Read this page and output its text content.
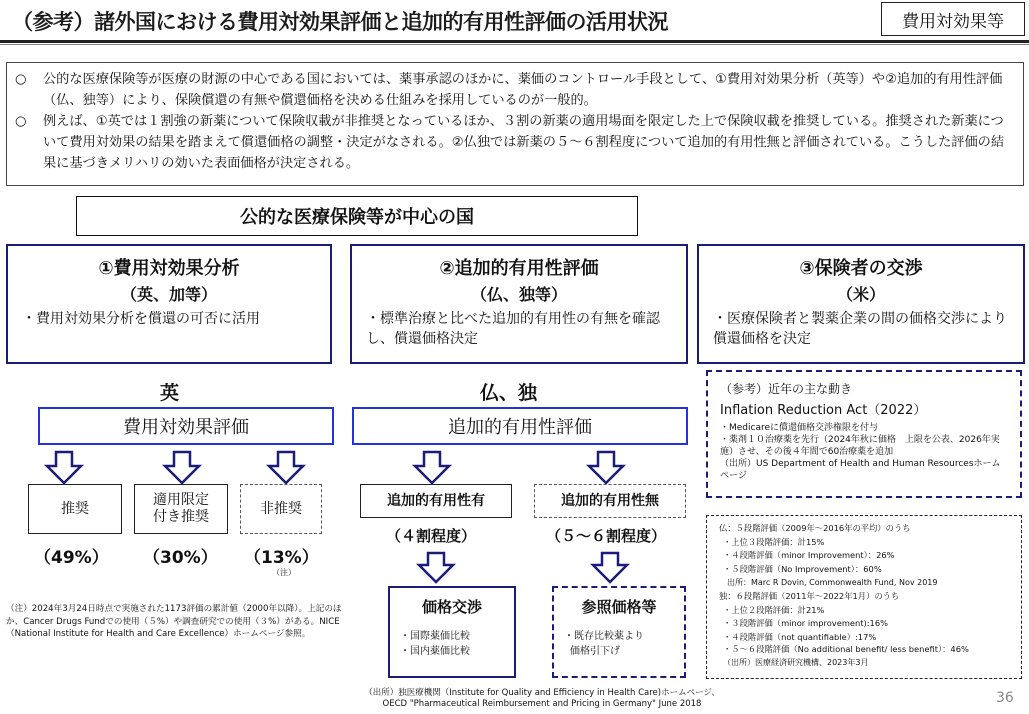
（参考）諸外国における費用対効果評価と追加的有用性評価の活用状況	費用対効果等

○	公的な医療保険等が医療の財源の中心である国においては、薬事承認のほかに、薬価のコントロール手段として、①費用対効果分析（英等）や②追加的有用性評価（仏、独等）により、保険償還の有無や償還価格を決める仕組みを採用しているのが一般的。

○	例えば、①英では１割強の新薬について保険収載が非推奨となっているほか、３割の新薬の適用場面を限定した上で保険収載を推奨している。推奨された新薬について費用対効果の結果を踏まえて償還価格の調整・決定がなされる。②仏独では新薬の５～６割程度について追加的有用性無と評価されている。こうした評価の結果に基づきメリハリの効いた表面価格が決定される。

公的な医療保険等が中心の国
①費用対効果分析
（英、加等）
・費用対効果分析を償還の可否に活用
②追加的有用性評価
（仏、独等）
・標準治療と比べた追加的有用性の有無を確認し、償還価格決定
③保険者の交渉
（米）
・医療保険者と製薬企業の間の価格交渉により償還価格を決定
英
費用対効果評価
推奨
適用限定付き推奨
非推奨
（49%） （30%） （13%）
（注）
（注）2024年3月24日時点で実施された1173評価の累計値（2000年以降）。上記のほか、Cancer Drugs Fundでの使用（５%）や調査研究での使用（３%）がある。NICE（National Institute for Health and Care Excellence）ホームページ参照。
仏、独
追加的有用性評価
追加的有用性有	追加的有用性無
（４割程度）	（５～６割程度）
価格交渉
・国際薬価比較
・国内薬価比較
参照価格等
・既存比較薬より
価格引下げ
（出所）独医療機関（Institute for Quality and Efficiency in Health Care)ホームページ、
OECD "Pharmaceutical Reimbursement and Pricing in Germany" June 2018
（参考）近年の主な動き
Inflation Reduction Act（2022）
・Medicareに償還価格交渉権限を付与
・薬剤１０治療薬を先行（2024年秋に価格　上限を公表、2026年実施）させ、その後４年間で60治療薬を追加
（出所）US Department of Health and Human Resourcesホームページ
仏：５段階評価（2009年～2016年の平均）のうち
・上位３段階評価：計15%
・４段階評価（minor Improvement）：26%
・５段階評価（No Improvement）：60%
出所：Marc R Dovin, Commonwealth Fund, Nov 2019
独：６段階評価（2011年～2022年1月）のうち
・上位２段階評価：計21%
・３段階評価（minor improvement):16%
・４段階評価（not quantifiable）:17%
・５～６段階評価（No additional benefit/ less benefit）：46%
（出所）医療経済研究機構、2023年3月
36
